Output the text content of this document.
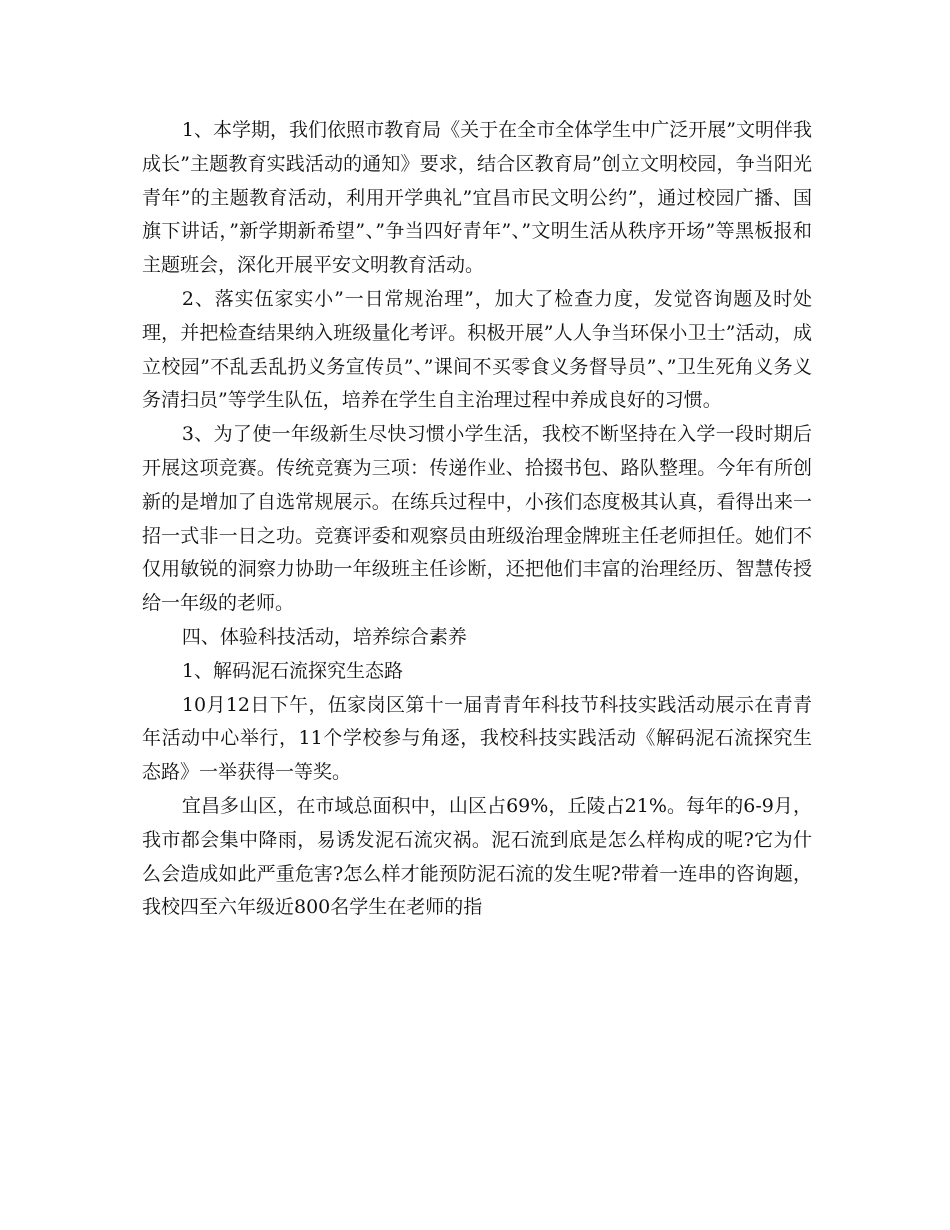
1、本学期，我们依照市教育局《关于在全市全体学生中广泛开展”文明伴我成长”主题教育实践活动的通知》要求，结合区教育局”创立文明校园，争当阳光青年”的主题教育活动，利用开学典礼”宜昌市民文明公约”，通过校园广播、国旗下讲话，”新学期新希望”、”争当四好青年”、”文明生活从秩序开场”等黑板报和主题班会，深化开展平安文明教育活动。

2、落实伍家实小”一日常规治理”，加大了检查力度，发觉咨询题及时处理，并把检查结果纳入班级量化考评。积极开展”人人争当环保小卫士”活动，成立校园”不乱丢乱扔义务宣传员”、”课间不买零食义务督导员”、”卫生死角义务义务清扫员”等学生队伍，培养在学生自主治理过程中养成良好的习惯。

3、为了使一年级新生尽快习惯小学生活，我校不断坚持在入学一段时期后开展这项竞赛。传统竞赛为三项：传递作业、拾掇书包、路队整理。今年有所创新的是增加了自选常规展示。在练兵过程中，小孩们态度极其认真，看得出来一招一式非一日之功。竞赛评委和观察员由班级治理金牌班主任老师担任。她们不仅用敏锐的洞察力协助一年级班主任诊断，还把他们丰富的治理经历、智慧传授给一年级的老师。

四、体验科技活动，培养综合素养

1、解码泥石流探究生态路

10月12日下午，伍家岗区第十一届青青年科技节科技实践活动展示在青青年活动中心举行，11个学校参与角逐，我校科技实践活动《解码泥石流探究生态路》一举获得一等奖。

宜昌多山区，在市域总面积中，山区占69%，丘陵占21%。每年的6-9月，我市都会集中降雨，易诱发泥石流灾祸。泥石流到底是怎么样构成的呢?它为什么会造成如此严重危害?怎么样才能预防泥石流的发生呢?带着一连串的咨询题，我校四至六年级近800名学生在老师的指
